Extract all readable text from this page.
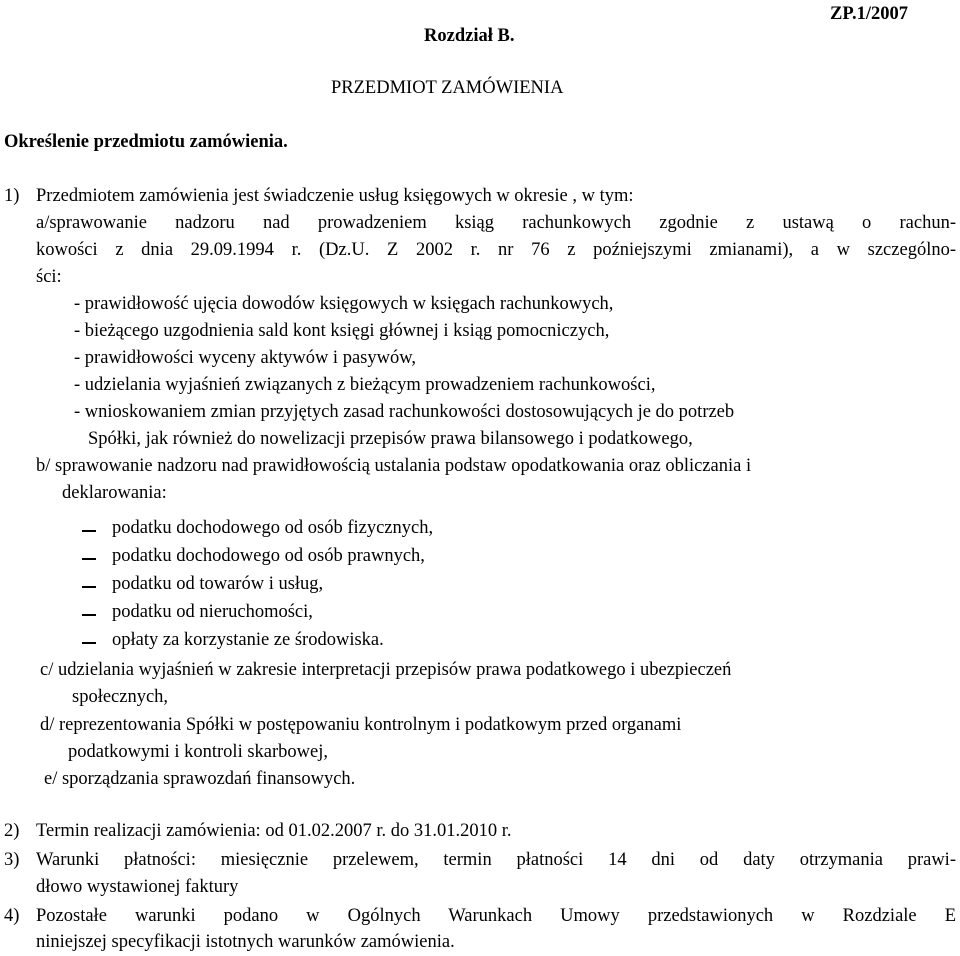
ZP.1/2007
Rozdział B.
PRZEDMIOT ZAMÓWIENIA
Określenie przedmiotu zamówienia.
1) Przedmiotem zamówienia jest świadczenie usług księgowych w okresie , w tym:
a/sprawowanie nadzoru nad prowadzeniem ksiąg rachunkowych zgodnie z ustawą o rachun-
kowości z dnia 29.09.1994 r. (Dz.U. Z 2002 r. nr 76 z poźniejszymi zmianami), a w szczególno-
ści:
- prawidłowość ujęcia dowodów księgowych w księgach rachunkowych,
- bieżącego uzgodnienia sald kont księgi głównej i ksiąg pomocniczych,
- prawidłowości wyceny aktywów i pasywów,
- udzielania wyjaśnień związanych z bieżącym prowadzeniem rachunkowości,
- wnioskowaniem zmian przyjętych zasad rachunkowości dostosowujących je do potrzeb
Spółki, jak również do nowelizacji przepisów prawa bilansowego i podatkowego,
b/ sprawowanie nadzoru nad prawidłowością ustalania podstaw opodatkowania oraz obliczania i
deklarowania:
podatku dochodowego od osób fizycznych,
podatku dochodowego od osób prawnych,
podatku od towarów i usług,
podatku od nieruchomości,
opłaty za korzystanie ze środowiska.
c/ udzielania wyjaśnień w zakresie interpretacji przepisów prawa podatkowego i ubezpieczeń
społecznych,
d/ reprezentowania Spółki w postępowaniu kontrolnym i podatkowym przed organami
podatkowymi i kontroli skarbowej,
e/ sporządzania sprawozdań finansowych.
2) Termin realizacji zamówienia: od 01.02.2007 r. do 31.01.2010 r.
3) Warunki płatności: miesięcznie przelewem, termin płatności 14 dni od daty otrzymania prawi-
dłowo wystawionej faktury
4) Pozostałe warunki podano w Ogólnych Warunkach Umowy przedstawionych w Rozdziale E
niniejszej specyfikacji istotnych warunków zamówienia.
